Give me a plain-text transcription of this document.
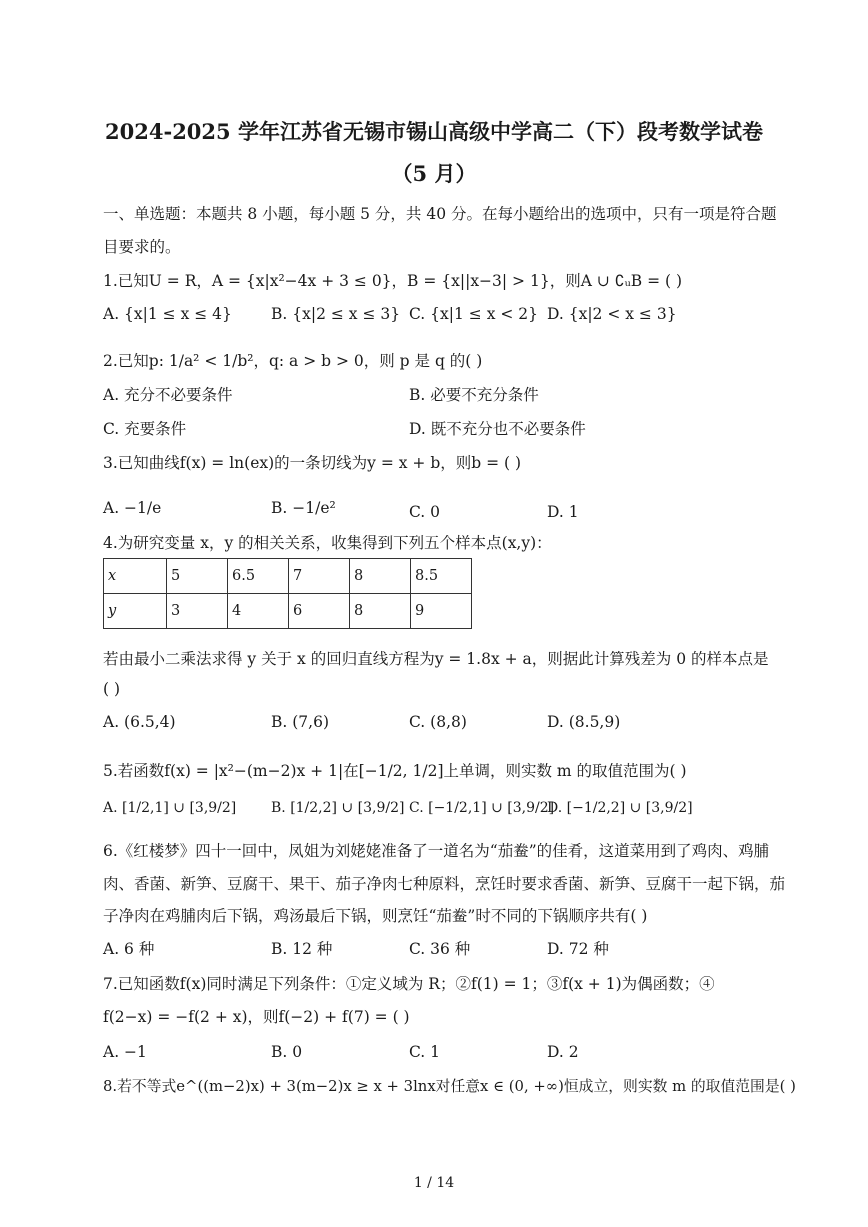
2024-2025 学年江苏省无锡市锡山高级中学高二（下）段考数学试卷
（5 月）
一、单选题：本题共 8 小题，每小题 5 分，共 40 分。在每小题给出的选项中，只有一项是符合题
目要求的。
1.已知U = R，A = {x|x²−4x + 3 ≤ 0}，B = {x||x−3| > 1}，则A ∪ ∁ᵤB = ( )
A. {x|1 ≤ x ≤ 4}	B. {x|2 ≤ x ≤ 3} C. {x|1 ≤ x < 2} D. {x|2 < x ≤ 3}
2.已知p: 1/a² < 1/b²，q: a > b > 0，则 p 是 q 的( )
A. 充分不必要条件	B. 必要不充分条件
C. 充要条件	D. 既不充分也不必要条件
3.已知曲线f(x) = ln(ex)的一条切线为y = x + b，则b = ( )
A. −1/e	B. −1/e²	C. 0	D. 1
4.为研究变量 x，y 的相关关系，收集得到下列五个样本点(x,y)：
x	5	6.5	7	8	8.5
y	3	4	6	8	9
若由最小二乘法求得 y 关于 x 的回归直线方程为y = 1.8x + a，则据此计算残差为 0 的样本点是
( )
A. (6.5,4)	B. (7,6)	C. (8,8)	D. (8.5,9)
5.若函数f(x) = |x²−(m−2)x + 1|在[−1/2, 1/2]上单调，则实数 m 的取值范围为( )
A. [1/2,1] ∪ [3,9/2] B. [1/2,2] ∪ [3,9/2] C. [−1/2,1] ∪ [3,9/2]
D. [−1/2,2] ∪ [3,9/2]
6.《红楼梦》四十一回中，凤姐为刘姥姥准备了一道名为“茄鲞”的佳肴，这道菜用到了鸡肉、鸡脯
肉、香菌、新笋、豆腐干、果干、茄子净肉七种原料，烹饪时要求香菌、新笋、豆腐干一起下锅，茄
子净肉在鸡脯肉后下锅，鸡汤最后下锅，则烹饪“茄鲞”时不同的下锅顺序共有( )
A. 6 种	B. 12 种	C. 36 种	D. 72 种
7.已知函数f(x)同时满足下列条件：①定义域为 R；②f(1) = 1；③f(x + 1)为偶函数；④
f(2−x) = −f(2 + x)，则f(−2) + f(7) = ( )
A. −1	B. 0	C. 1	D. 2
8.若不等式e^((m−2)x) + 3(m−2)x ≥ x + 3lnx对任意x ∈ (0, +∞)恒成立，则实数 m 的取值范围是( )
1 / 14
